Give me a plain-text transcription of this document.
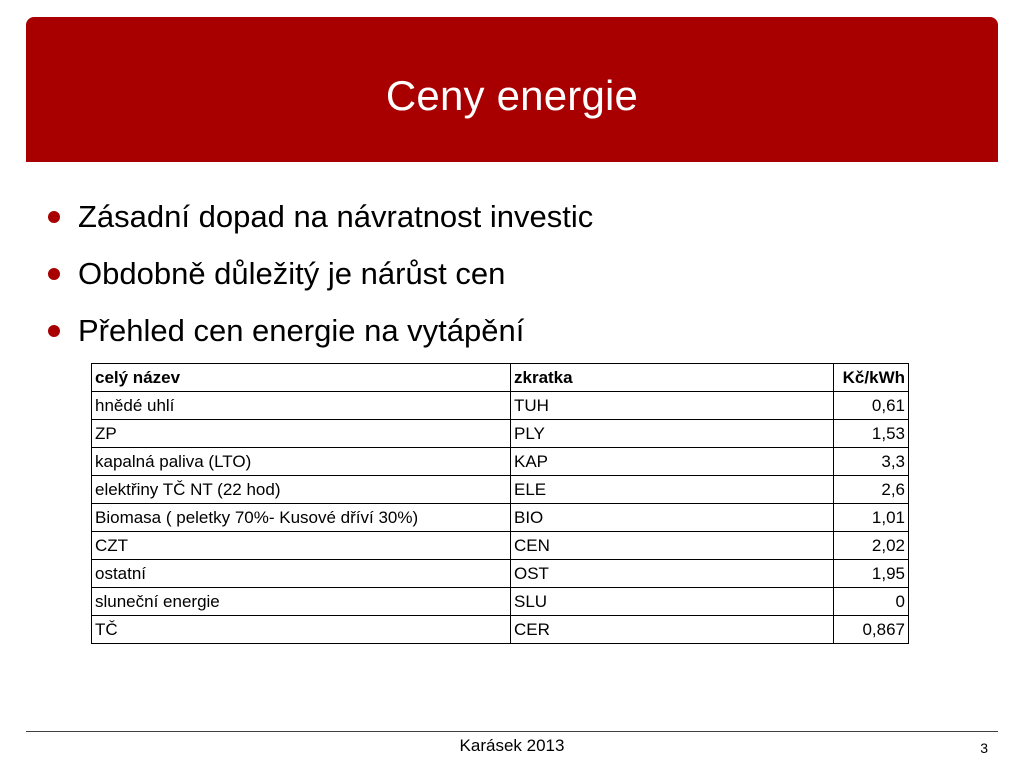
Ceny energie
Zásadní dopad na návratnost investic
Obdobně důležitý je nárůst cen
Přehled cen energie na vytápění
celý název	zkratka	Kč/kWh
hnědé uhlí	TUH	0,61
ZP	PLY	1,53
kapalná paliva (LTO)	KAP	3,3
elektřiny TČ NT (22 hod)	ELE	2,6
Biomasa ( peletky 70%- Kusové dříví 30%)	BIO	1,01
CZT	CEN	2,02
ostatní	OST	1,95
sluneční energie	SLU	0
TČ	CER	0,867
Karásek 2013	3
